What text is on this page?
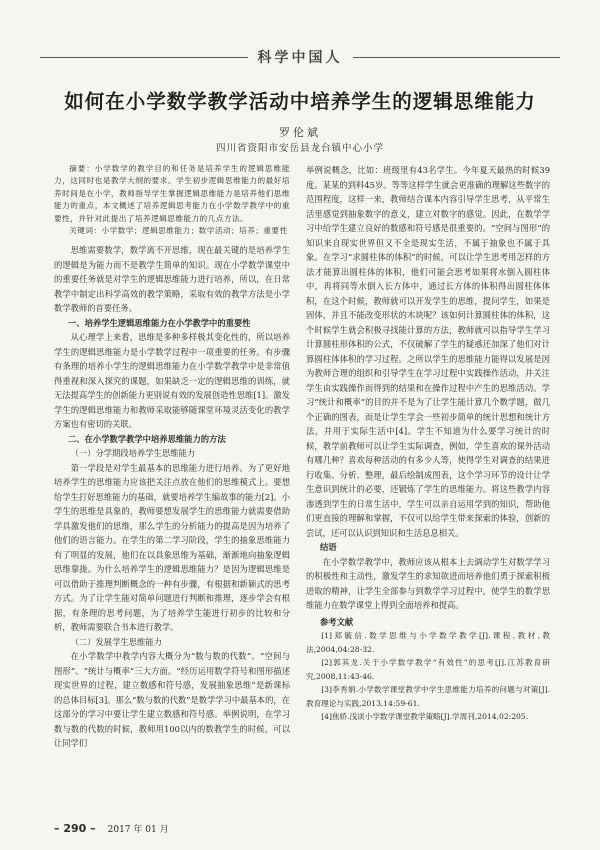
科学中国人
如何在小学数学教学活动中培养学生的逻辑思维能力
罗伦斌
四川省资阳市安岳县龙台镇中心小学

摘要：小学数学的教学目的和任务是培养学生的逻辑思维能力，这同时也是教学大纲的要求。学生初步逻辑思维能力的最好培养时间是在小学，教师指导学生掌握逻辑思维能力是培养他们思维能力的重点，本文概述了培养逻辑思考能力在小学数学教学中的重要性，并针对此提出了培养逻辑思维能力的几点方法。

关键词：小学数学；逻辑思维能力；数学活动；培养；重要性

思维需要数学，数学离不开思维，现在最关键的是培养学生的逻辑是为能力而不是教学生简单的知识。现在小学数学课堂中的重要任务就是对学生的逻辑思维能力进行培养，所以，在日常教学中制定出科学高效的教学策略，采取有效的教学方法是小学数学教师的首要任务。

一、培养学生逻辑思维能力在小学教学中的重要性

从心理学上来看，思维是多种多样极其变化性的，所以培养学生的逻辑思维能力是小学数学过程中一项重要的任务。有步骤有条理的培养小学生的逻辑思维能力在小学数学教学中是非常值得重视和深入探究的课题，如果缺乏一定的逻辑思维的训练，就无法提高学生的创新能力更别说有效的发展创造性思维[1]。激发学生的逻辑思维能力和教师采取能够随课堂环境灵活变化的教学方案也有密切的关联。

二、在小学数学教学中培养思维能力的方法

（一）分学期段培养学生思维能力

第一学段是对学生最基本的思维能力进行培养。为了更好地培养学生的思维能力应该把关注点放在他们的思维模式上。要想给学生打好思维能力的基础，就要培养学生编故事的能力[2]。小学生的思维是具象的，教师要想发展学生的思维能力就需要借助学具激发他们的思维，那么学生的分析能力的提高是因为培养了他们的语言能力。在学生的第二学习阶段，学生的抽象思维能力有了明显的发展，他们在以具象思维为基础，渐渐地向抽象逻辑思维靠拢。为什么培养学生的逻辑思维能力？是因为逻辑思维是可以借助于推理判断概念的一种有步骤，有根据和新颖式的思考方式。为了让学生能对简单问题进行判断和推理，逐步学会有根据，有条理的思考问题，为了培养学生能进行初步的比较和分析，教师需要联合书本进行教学。

（二）发展学生思维能力

在小学数学中教学内容大概分为“数与数的代数”、“空间与图形”、“统计与概率”三大方面。“经历运用数学符号和图形描述现实世界的过程，建立数感和符号感，发展抽象思维”是新课标的总体目标[3]。那么“数与数的代数”是数学学习中最基本的，在这部分的学习中要让学生建立数感和符号感。举例说明，在学习数与数的代数的时候，教师用100以内的数教学生的时候，可以让同学们

举例说概念，比如：班级里有43名学生。今年夏天最热的时候39度。某某的到料45岁。等等这样学生就会更准确的理解这些数字的范围程度，这样一来，教师结合课本内容引导学生思考，从平常生活里感觉到抽象数字的意义，建立对数字的感觉。因此，在数学学习中给学生建立良好的数感和符号感是很重要的。“空间与图形”的知识来自现实世界但又不全是现实生活，不属于抽象也不属于具象。在学习“求圆柱体的体积”的时候，可以让学生思考用怎样的方法才能算出圆柱体的体积，他们可能会思考如果将水倒入圆柱体中，再将同等水倒入长方体中，通过长方体的体积得出圆柱体体积，在这个时候，教师就可以开发学生的思维，提问学生，如果是固体，并且不能改变形状的木块呢？该如何计算圆柱体的体积，这个时候学生就会积极寻找能计算的方法，教师就可以指导学生学习计算圆柱形体积的公式，不仅破解了学生的疑惑还加深了他们对计算圆柱体体积的学习过程。之所以学生的思维能力能得以发展是因为教师合理的组织和引导学生在学习过程中实践操作活动，并关注学生由实践操作而得到的结果和在操作过程中产生的思维活动。学习“统计和概率”的目的并不是为了让学生能计算几个数学题，做几个正确的图表，而是让学生学会一些初步简单的统计思想和统计方法，并用于实际生活中[4]。学生不知道为什么要学习统计的时候，教学前教师可以让学生实际调查，例如，学生喜欢的课外活动有哪几种？喜欢每种活动的有多少人等，使得学生对调查的结果进行收集、分析、整理，最后绘制成图表，这个学习环节的设计让学生意识到统计的必要，还锻炼了学生的思维能力。将这些教学内容渗透到学生的日常生活中，学生可以亲自运用学到的知识，帮助他们更直接的理解和掌握，不仅可以给学生带来探索的体验，创新的尝试，还可以认识到知识和生活息息相关。

结语

在小学数学教学中，教师应该从根本上去调动学生对数学学习的积极性和主动性，激发学生的求知欲进而培养他们勇于探索积极进取的精神，让学生全部参与到数学学习过程中，使学生的数学思维能力在数学课堂上得到全面培养和提高。

参考文献

[1]郑毓信.数学思维与小学数学教学[J].课程,教材,教法,2004,04:28-32.

[2]郭其龙.关于小学数学教学“有效性”的思考[J].江苏教育研究,2008,11:43-46.

[3]李秀娟.小学数学课堂教学中学生思维能力培养的问题与对策[J].教育理论与实践,2013,14:59-61.

[4]焦娇.浅谈小学数学课堂教学策略[J].学周刊,2014,02:205.

– 290 – 2017 年 01 月
